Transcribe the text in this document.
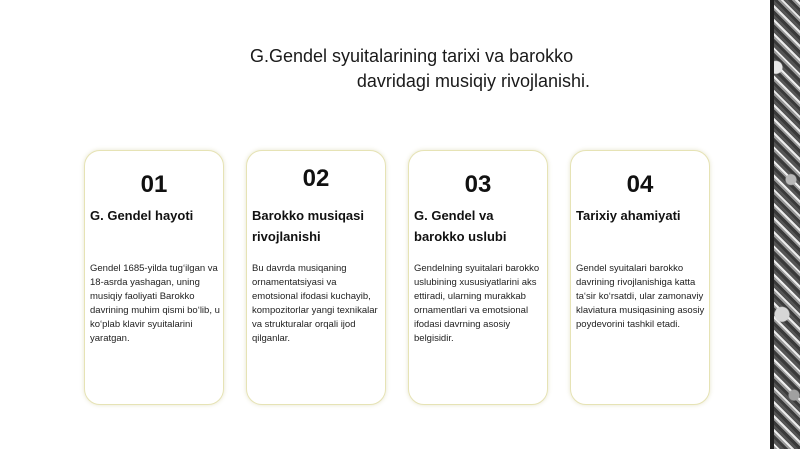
G.Gendel syuitalarining tarixi va barokko
davridagi musiqiy rivojlanishi.
01
G. Gendel hayoti
Gendel 1685-yilda tug‘ilgan va 18-asrda yashagan, uning musiqiy faoliyati Barokko davrining muhim qismi bo‘lib, u ko‘plab klavir syuitalarini yaratgan.
02
Barokko musiqasi rivojlanishi
Bu davrda musiqaning ornamentatsiyasi va emotsional ifodasi kuchayib, kompozitorlar yangi texnikalar va strukturalar orqali ijod qilganlar.
03
G. Gendel va barokko uslubi
Gendelning syuitalari barokko uslubining xususiyatlarini aks ettiradi, ularning murakkab ornamentlari va emotsional ifodasi davrning asosiy belgisidir.
04
Tarixiy ahamiyati
Gendel syuitalari barokko davrining rivojlanishiga katta ta‘sir ko‘rsatdi, ular zamonaviy klaviatura musiqasining asosiy poydevorini tashkil etadi.
